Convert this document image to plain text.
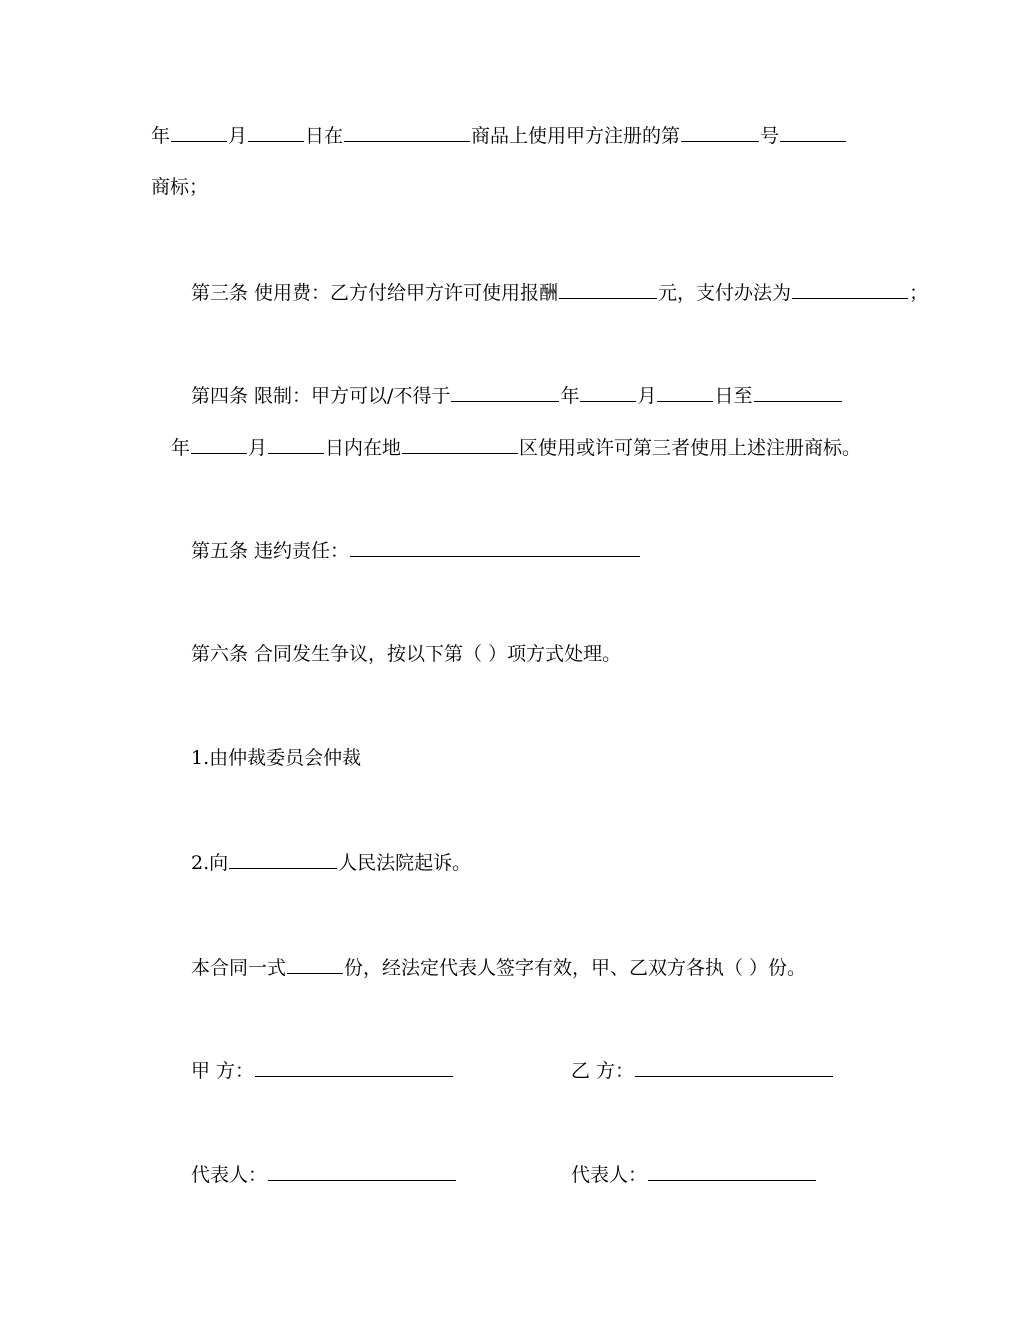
年	月	日在	商品上使用甲方注册的第	号
商标；
第三条 使用费：乙方付给甲方许可使用报酬	元，支付办法为	；
第四条 限制：甲方可以/不得于	年	月	日至
年	月	日内在地	区使用或许可第三者使用上述注册商标。
第五条 违约责任：
第六条 合同发生争议，按以下第（ ）项方式处理。
1.由仲裁委员会仲裁
2.向	人民法院起诉。
本合同一式	份，经法定代表人签字有效，甲、乙双方各执（ ）份。
甲 方：	乙 方：
代表人：	代表人：
